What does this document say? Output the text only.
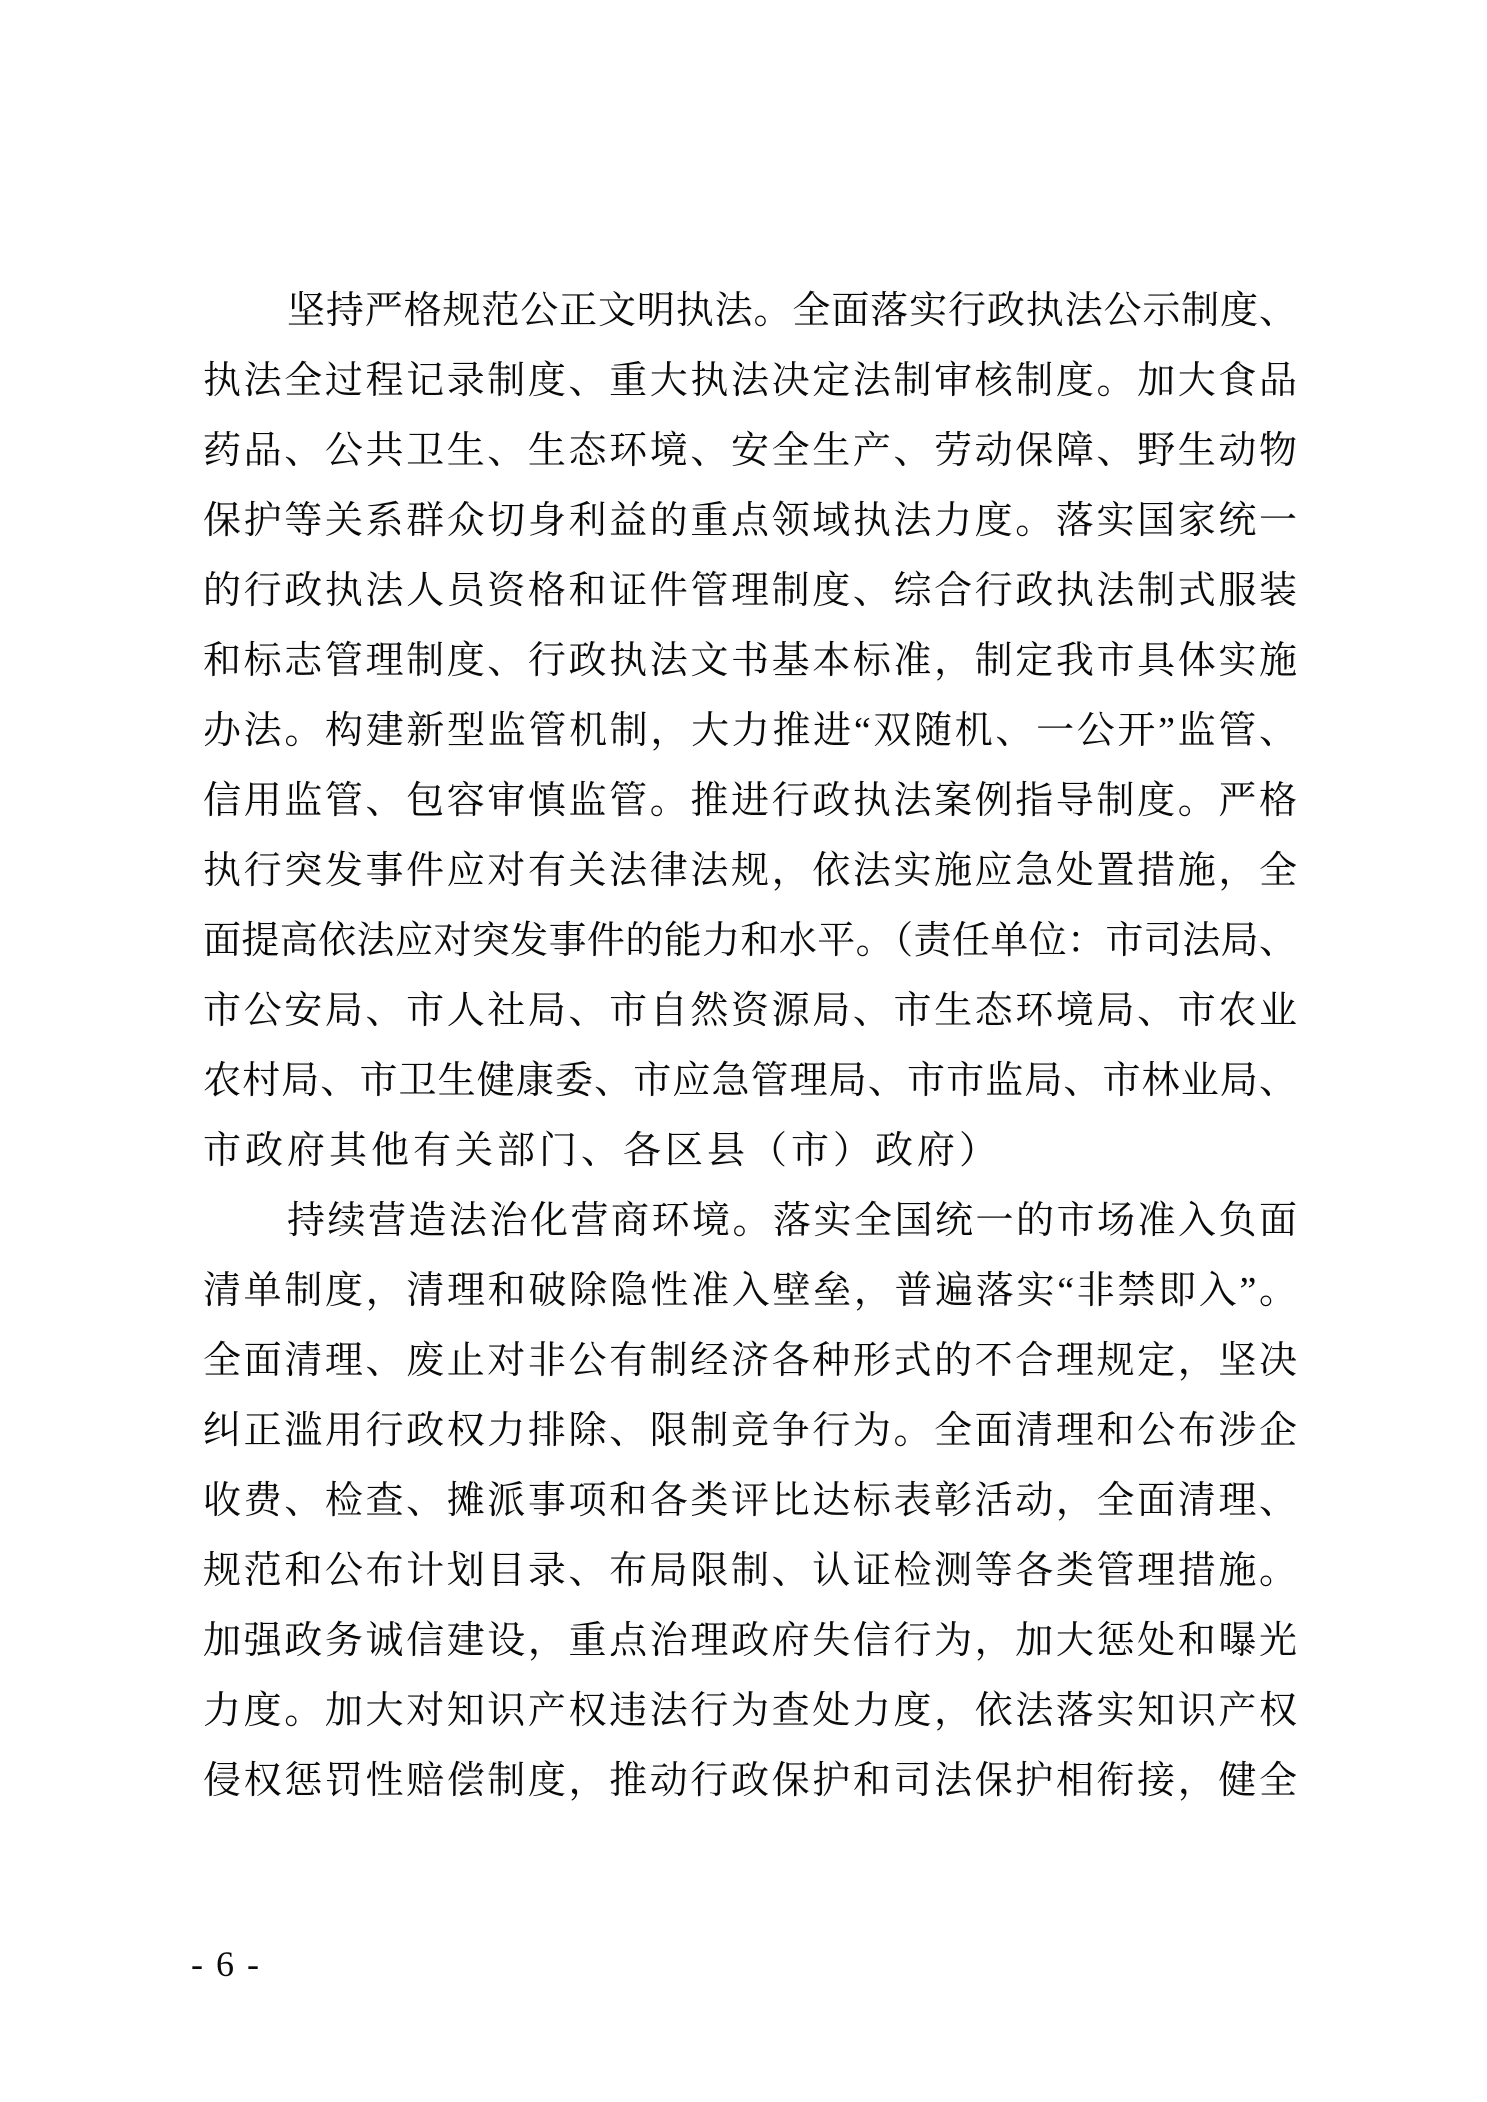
坚持严格规范公正文明执法。全面落实行政执法公示制度、
执法全过程记录制度、重大执法决定法制审核制度。加大食品
药品、公共卫生、生态环境、安全生产、劳动保障、野生动物
保护等关系群众切身利益的重点领域执法力度。落实国家统一
的行政执法人员资格和证件管理制度、综合行政执法制式服装
和标志管理制度、行政执法文书基本标准，制定我市具体实施
办法。构建新型监管机制，大力推进“双随机、一公开”监管、
信用监管、包容审慎监管。推进行政执法案例指导制度。严格
执行突发事件应对有关法律法规，依法实施应急处置措施，全
面提高依法应对突发事件的能力和水平。（责任单位：市司法局、
市公安局、市人社局、市自然资源局、市生态环境局、市农业
农村局、市卫生健康委、市应急管理局、市市监局、市林业局、
市政府其他有关部门、各区县（市）政府）
持续营造法治化营商环境。落实全国统一的市场准入负面
清单制度，清理和破除隐性准入壁垒，普遍落实“非禁即入”。
全面清理、废止对非公有制经济各种形式的不合理规定，坚决
纠正滥用行政权力排除、限制竞争行为。全面清理和公布涉企
收费、检查、摊派事项和各类评比达标表彰活动，全面清理、
规范和公布计划目录、布局限制、认证检测等各类管理措施。
加强政务诚信建设，重点治理政府失信行为，加大惩处和曝光
力度。加大对知识产权违法行为查处力度，依法落实知识产权
侵权惩罚性赔偿制度，推动行政保护和司法保护相衔接，健全
- 6 -
